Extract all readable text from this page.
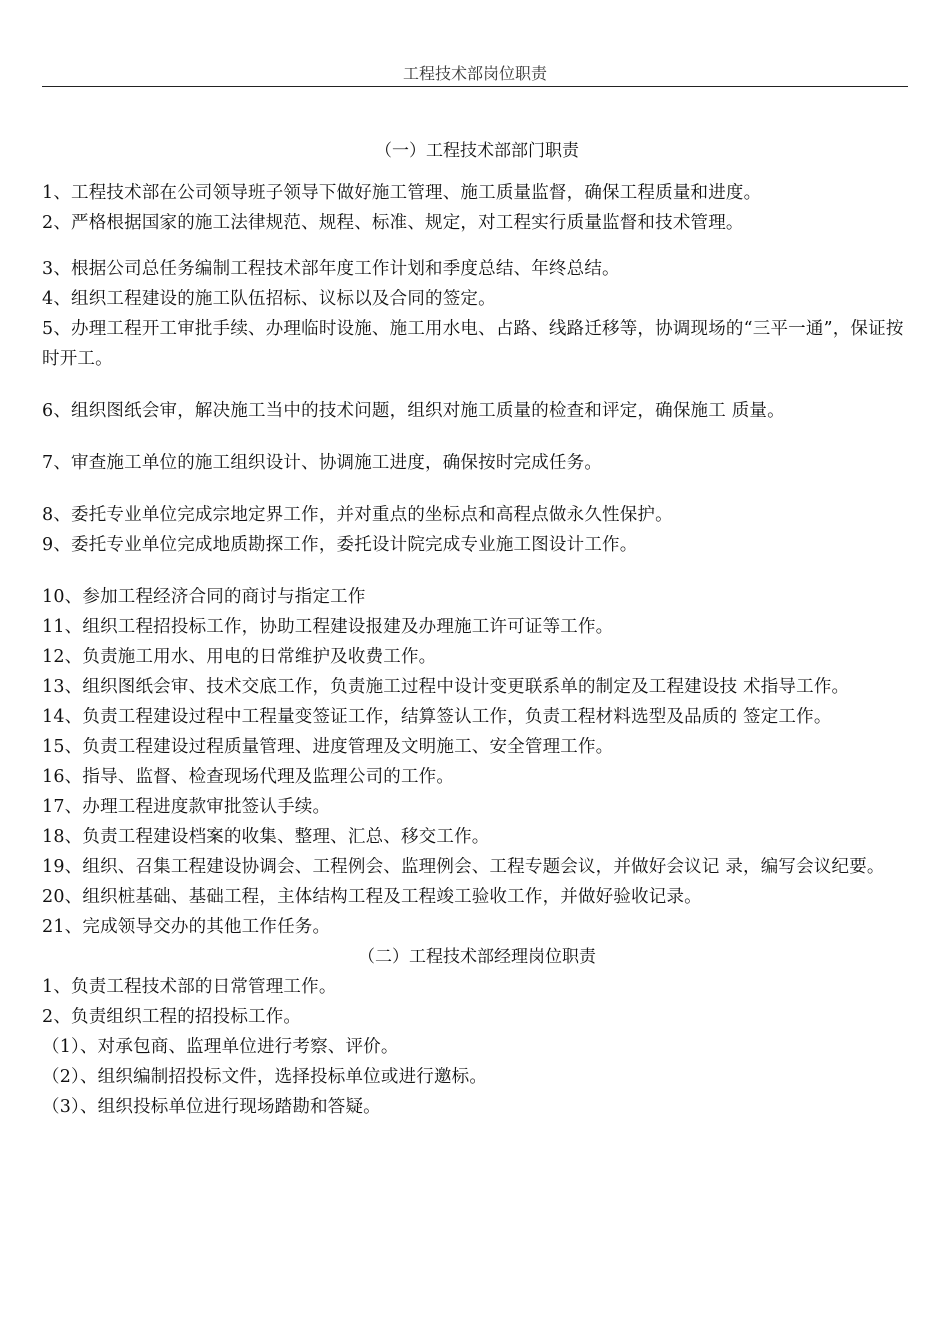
工程技术部岗位职责

（一）工程技术部部门职责

1、工程技术部在公司领导班子领导下做好施工管理、施工质量监督，确保工程质量和进度。

2、严格根据国家的施工法律规范、规程、标准、规定，对工程实行质量监督和技术管理。

3、根据公司总任务编制工程技术部年度工作计划和季度总结、年终总结。

4、组织工程建设的施工队伍招标、议标以及合同的签定。

5、办理工程开工审批手续、办理临时设施、施工用水电、占路、线路迁移等，协调现场的“三平一通”，保证按时开工。

6、组织图纸会审，解决施工当中的技术问题，组织对施工质量的检查和评定，确保施工 质量。

7、审查施工单位的施工组织设计、协调施工进度，确保按时完成任务。

8、委托专业单位完成宗地定界工作，并对重点的坐标点和高程点做永久性保护。

9、委托专业单位完成地质勘探工作，委托设计院完成专业施工图设计工作。

10、参加工程经济合同的商讨与指定工作

11、组织工程招投标工作，协助工程建设报建及办理施工许可证等工作。

12、负责施工用水、用电的日常维护及收费工作。

13、组织图纸会审、技术交底工作，负责施工过程中设计变更联系单的制定及工程建设技 术指导工作。

14、负责工程建设过程中工程量变签证工作，结算签认工作，负责工程材料选型及品质的 签定工作。

15、负责工程建设过程质量管理、进度管理及文明施工、安全管理工作。

16、指导、监督、检查现场代理及监理公司的工作。

17、办理工程进度款审批签认手续。

18、负责工程建设档案的收集、整理、汇总、移交工作。

19、组织、召集工程建设协调会、工程例会、监理例会、工程专题会议，并做好会议记 录，编写会议纪要。

20、组织桩基础、基础工程，主体结构工程及工程竣工验收工作，并做好验收记录。

21、完成领导交办的其他工作任务。

（二）工程技术部经理岗位职责

1、负责工程技术部的日常管理工作。

2、负责组织工程的招投标工作。

（1）、对承包商、监理单位进行考察、评价。

（2）、组织编制招投标文件，选择投标单位或进行邀标。

（3）、组织投标单位进行现场踏勘和答疑。
